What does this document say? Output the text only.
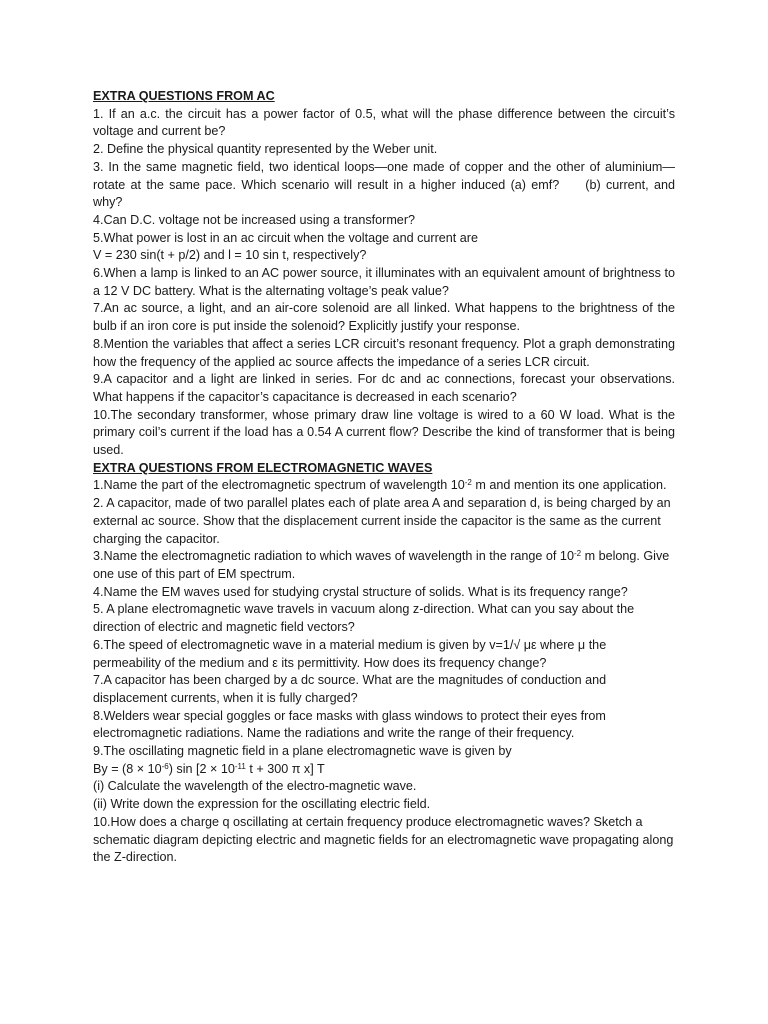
EXTRA QUESTIONS FROM AC

1. If an a.c. the circuit has a power factor of 0.5, what will the phase difference between the circuit’s voltage and current be?

2. Define the physical quantity represented by the Weber unit.

3. In the same magnetic field, two identical loops—one made of copper and the other of aluminium—rotate at the same pace. Which scenario will result in a higher induced (a) emf? (b) current, and why?

4.Can D.C. voltage not be increased using a transformer?

5.What power is lost in an ac circuit when the voltage and current are

V = 230 sin(t + p/2) and l = 10 sin t, respectively?

6.When a lamp is linked to an AC power source, it illuminates with an equivalent amount of brightness to a 12 V DC battery. What is the alternating voltage’s peak value?

7.An ac source, a light, and an air-core solenoid are all linked. What happens to the brightness of the bulb if an iron core is put inside the solenoid? Explicitly justify your response.

8.Mention the variables that affect a series LCR circuit’s resonant frequency. Plot a graph demonstrating how the frequency of the applied ac source affects the impedance of a series LCR circuit.

9.A capacitor and a light are linked in series. For dc and ac connections, forecast your observations. What happens if the capacitor’s capacitance is decreased in each scenario?

10.The secondary transformer, whose primary draw line voltage is wired to a 60 W load. What is the primary coil’s current if the load has a 0.54 A current flow? Describe the kind of transformer that is being used.

EXTRA QUESTIONS FROM ELECTROMAGNETIC WAVES

1.Name the part of the electromagnetic spectrum of wavelength $10^{-2}$ m and mention its one application.

2. A capacitor, made of two parallel plates each of plate area A and separation d, is being charged by an external ac source. Show that the displacement current inside the capacitor is the same as the current charging the capacitor.

3.Name the electromagnetic radiation to which waves of wavelength in the range of $10^{-2}$ m belong. Give one use of this part of EM spectrum.

4.Name the EM waves used for studying crystal structure of solids. What is its frequency range?

5. A plane electromagnetic wave travels in vacuum along z-direction. What can you say about the direction of electric and magnetic field vectors?

6.The speed of electromagnetic wave in a material medium is given by v=1/√ με where μ the permeability of the medium and ε its permittivity. How does its frequency change?

7.A capacitor has been charged by a dc source. What are the magnitudes of conduction and displacement currents, when it is fully charged?

8.Welders wear special goggles or face masks with glass windows to protect their eyes from electromagnetic radiations. Name the radiations and write the range of their frequency.

9.The oscillating magnetic field in a plane electromagnetic wave is given by

$By = (8 \times 10^{-6})$ $\sin [2 \times 10^{-11}$ t + 300 π x] T

(i) Calculate the wavelength of the electro-magnetic wave.

(ii) Write down the expression for the oscillating electric field.

10.How does a charge q oscillating at certain frequency produce electromagnetic waves? Sketch a schematic diagram depicting electric and magnetic fields for an electromagnetic wave propagating along the Z-direction.
